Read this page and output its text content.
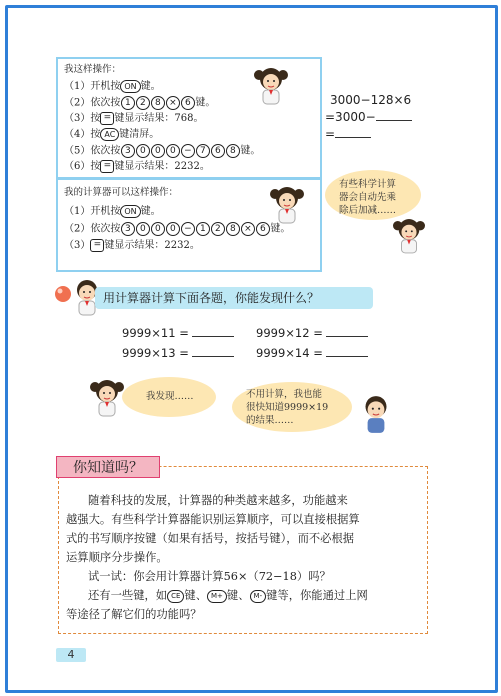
我这样操作：
（1）开机按 ON 键。
（2）依次按 1 2 8 × 6 键。
（3）按 = 键显示结果：768。
（4）按 AC 键清屏。
（5）依次按 3 0 0 0 − 7 6 8 键。
（6）按 = 键显示结果：2232。
我的计算器可以这样操作：
（1）开机按 ON 键。
（2）依次按 3 0 0 0 − 1 2 8 × 6 键。
（3） = 键显示结果：2232。
3000−128×6
=3000−
=
有些科学计算
器会自动先乘
除后加减……
用计算器计算下面各题，你能发现什么？
9999×11 =	9999×12 =
9999×13 =	9999×14 =
我发现……	不用计算，我也能
很快知道9999×19
的结果……
你知道吗？
随着科技的发展，计算器的种类越来越多，功能越来
越强大。有些科学计算器能识别运算顺序，可以直接根据算
式的书写顺序按键（如果有括号，按括号键），而不必根据
运算顺序分步操作。
试一试：你会用计算器计算56×（72−18）吗？
还有一些键，如 CE 键、 M+ 键、 M- 键等，你能通过上网
等途径了解它们的功能吗？
4
